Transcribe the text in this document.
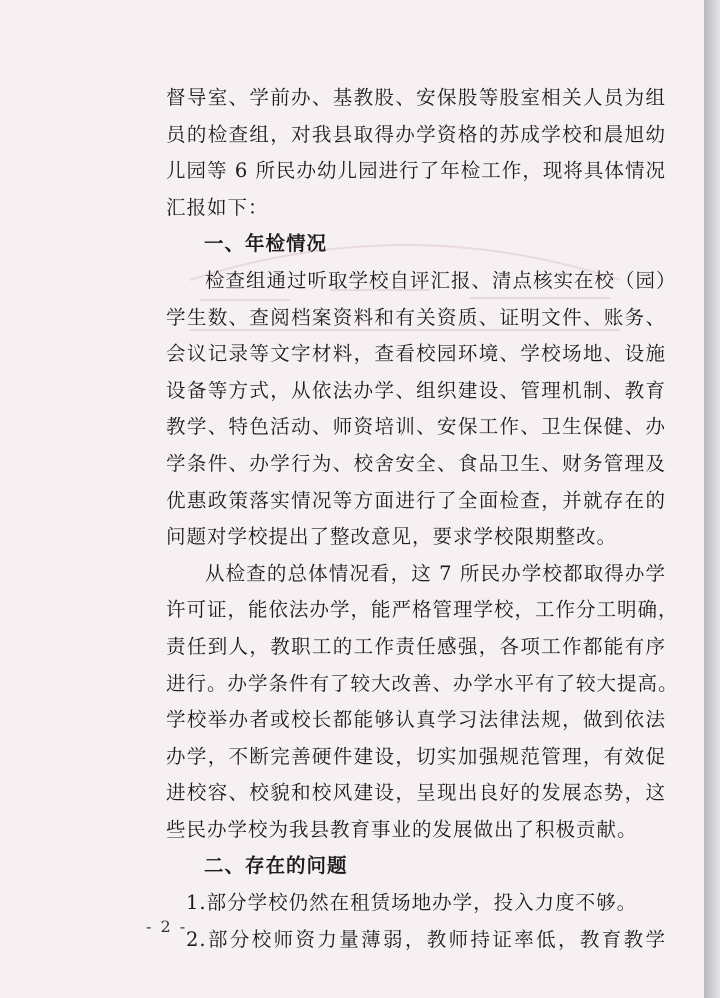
督导室、学前办、基教股、安保股等股室相关人员为组
员的检查组，对我县取得办学资格的苏成学校和晨旭幼
儿园等 6 所民办幼儿园进行了年检工作，现将具体情况
汇报如下：
一、年检情况
检查组通过听取学校自评汇报、清点核实在校（园）
学生数、查阅档案资料和有关资质、证明文件、账务、
会议记录等文字材料，查看校园环境、学校场地、设施
设备等方式，从依法办学、组织建设、管理机制、教育
教学、特色活动、师资培训、安保工作、卫生保健、办
学条件、办学行为、校舍安全、食品卫生、财务管理及
优惠政策落实情况等方面进行了全面检查，并就存在的
问题对学校提出了整改意见，要求学校限期整改。
从检查的总体情况看，这 7 所民办学校都取得办学
许可证，能依法办学，能严格管理学校，工作分工明确，
责任到人，教职工的工作责任感强，各项工作都能有序
进行。办学条件有了较大改善、办学水平有了较大提高。
学校举办者或校长都能够认真学习法律法规，做到依法
办学，不断完善硬件建设，切实加强规范管理，有效促
进校容、校貌和校风建设，呈现出良好的发展态势，这
些民办学校为我县教育事业的发展做出了积极贡献。
二、存在的问题
1.部分学校仍然在租赁场地办学，投入力度不够。
2.部分校师资力量薄弱，教师持证率低，教育教学
- 2 -
